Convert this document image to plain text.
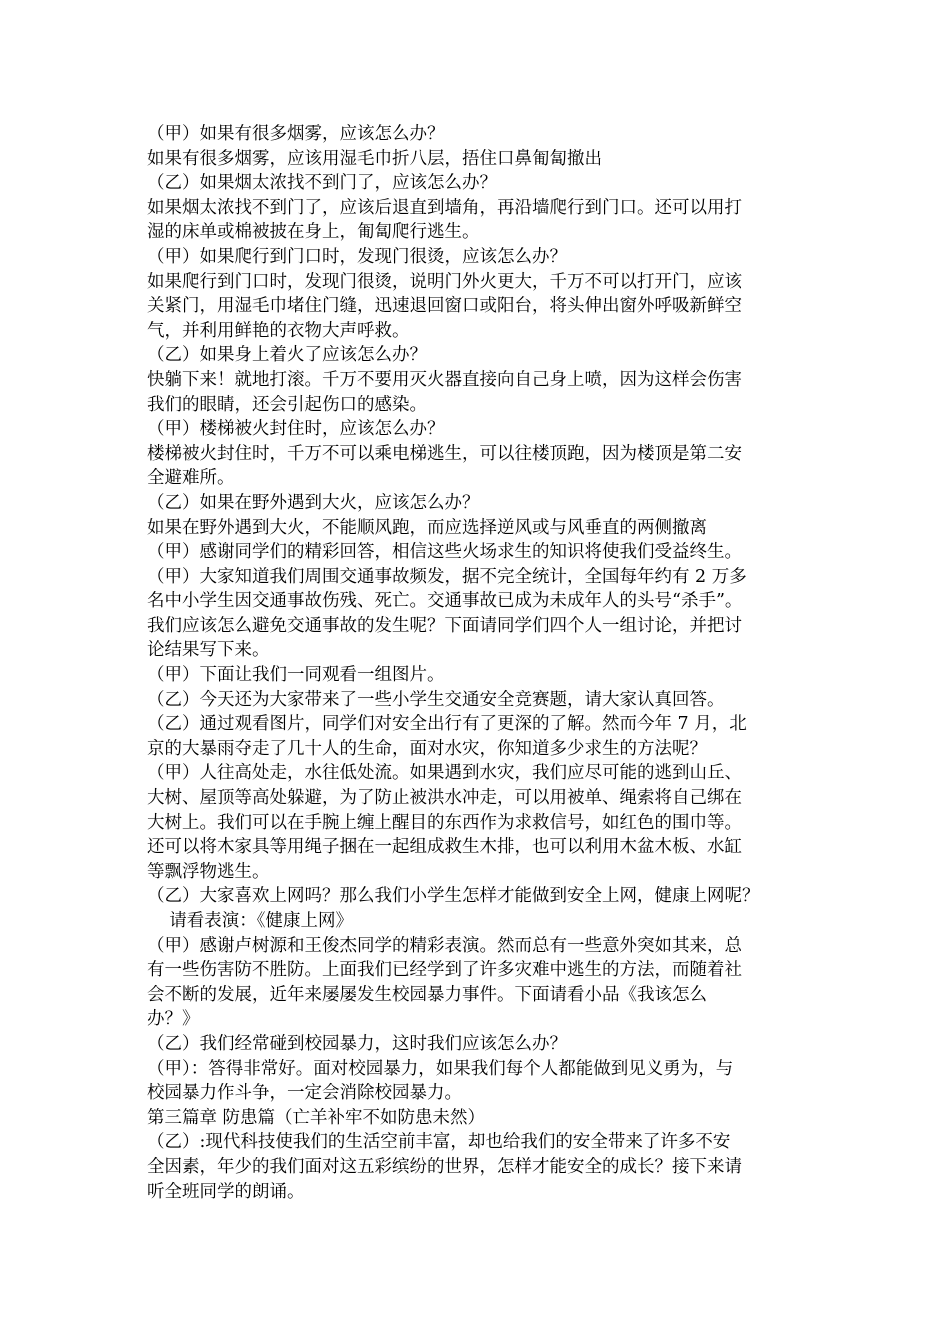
（甲）如果有很多烟雾，应该怎么办？
如果有很多烟雾，应该用湿毛巾折八层，捂住口鼻匍匐撤出
（乙）如果烟太浓找不到门了，应该怎么办？
如果烟太浓找不到门了，应该后退直到墙角，再沿墙爬行到门口。还可以用打
湿的床单或棉被披在身上，匍匐爬行逃生。
（甲）如果爬行到门口时，发现门很烫，应该怎么办？
如果爬行到门口时，发现门很烫，说明门外火更大，千万不可以打开门，应该
关紧门，用湿毛巾堵住门缝，迅速退回窗口或阳台，将头伸出窗外呼吸新鲜空
气，并利用鲜艳的衣物大声呼救。
（乙）如果身上着火了应该怎么办？
快躺下来！就地打滚。千万不要用灭火器直接向自己身上喷，因为这样会伤害
我们的眼睛，还会引起伤口的感染。
（甲）楼梯被火封住时，应该怎么办？
楼梯被火封住时，千万不可以乘电梯逃生，可以往楼顶跑，因为楼顶是第二安
全避难所。
（乙）如果在野外遇到大火，应该怎么办？
如果在野外遇到大火，不能顺风跑，而应选择逆风或与风垂直的两侧撤离
（甲）感谢同学们的精彩回答，相信这些火场求生的知识将使我们受益终生。
（甲）大家知道我们周围交通事故频发，据不完全统计，全国每年约有 2 万多
名中小学生因交通事故伤残、死亡。交通事故已成为未成年人的头号“杀手”。
我们应该怎么避免交通事故的发生呢？下面请同学们四个人一组讨论，并把讨
论结果写下来。
（甲）下面让我们一同观看一组图片。
（乙）今天还为大家带来了一些小学生交通安全竞赛题，请大家认真回答。
（乙）通过观看图片，同学们对安全出行有了更深的了解。然而今年 7 月，北
京的大暴雨夺走了几十人的生命，面对水灾，你知道多少求生的方法呢？
（甲）人往高处走，水往低处流。如果遇到水灾，我们应尽可能的逃到山丘、
大树、屋顶等高处躲避，为了防止被洪水冲走，可以用被单、绳索将自己绑在
大树上。我们可以在手腕上缠上醒目的东西作为求救信号，如红色的围巾等。
还可以将木家具等用绳子捆在一起组成救生木排，也可以利用木盆木板、水缸
等飘浮物逃生。
（乙）大家喜欢上网吗？那么我们小学生怎样才能做到安全上网，健康上网呢？
请看表演：《健康上网》
（甲）感谢卢树源和王俊杰同学的精彩表演。然而总有一些意外突如其来，总
有一些伤害防不胜防。上面我们已经学到了许多灾难中逃生的方法，而随着社
会不断的发展，近年来屡屡发生校园暴力事件。下面请看小品《我该怎么
办？》
（乙）我们经常碰到校园暴力，这时我们应该怎么办？
（甲）：答得非常好。面对校园暴力，如果我们每个人都能做到见义勇为，与
校园暴力作斗争，一定会消除校园暴力。
第三篇章 防患篇（亡羊补牢不如防患未然）
（乙）:现代科技使我们的生活空前丰富，却也给我们的安全带来了许多不安
全因素，年少的我们面对这五彩缤纷的世界，怎样才能安全的成长？接下来请
听全班同学的朗诵。
